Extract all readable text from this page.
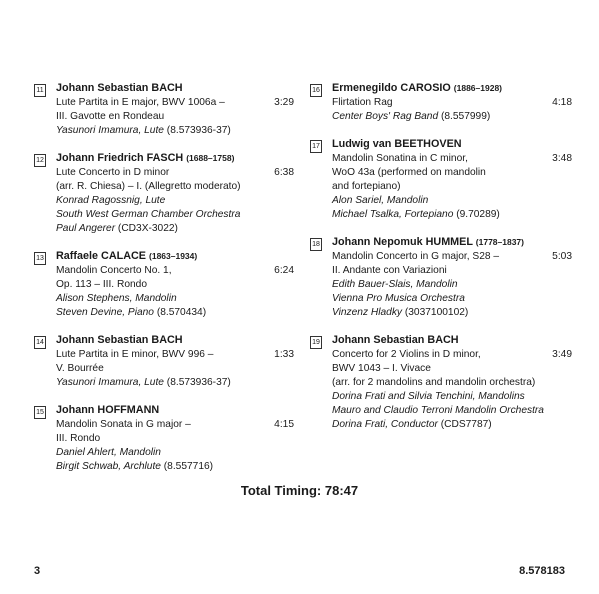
11 Johann Sebastian BACH
Lute Partita in E major, BWV 1006a –	3:29
III. Gavotte en Rondeau
Yasunori Imamura, Lute (8.573936-37)
12 Johann Friedrich FASCH (1688–1758)
Lute Concerto in D minor	6:38
(arr. R. Chiesa) – I. (Allegretto moderato)
Konrad Ragossnig, Lute
South West German Chamber Orchestra
Paul Angerer (CD3X-3022)
13 Raffaele CALACE (1863–1934)
Mandolin Concerto No. 1,	6:24
Op. 113 – III. Rondo
Alison Stephens, Mandolin
Steven Devine, Piano (8.570434)
14 Johann Sebastian BACH
Lute Partita in E minor, BWV 996 –	1:33
V. Bourrée
Yasunori Imamura, Lute (8.573936-37)
15 Johann HOFFMANN
Mandolin Sonata in G major –	4:15
III. Rondo
Daniel Ahlert, Mandolin
Birgit Schwab, Archlute (8.557716)
16 Ermenegildo CAROSIO (1886–1928)
Flirtation Rag	4:18
Center Boys' Rag Band (8.557999)
17 Ludwig van BEETHOVEN
Mandolin Sonatina in C minor,	3:48
WoO 43a (performed on mandolin
and fortepiano)
Alon Sariel, Mandolin
Michael Tsalka, Fortepiano (9.70289)
18 Johann Nepomuk HUMMEL (1778–1837)
Mandolin Concerto in G major, S28 –	5:03
II. Andante con Variazioni
Edith Bauer-Slais, Mandolin
Vienna Pro Musica Orchestra
Vinzenz Hladky (3037100102)
19 Johann Sebastian BACH
Concerto for 2 Violins in D minor,	3:49
BWV 1043 – I. Vivace
(arr. for 2 mandolins and mandolin orchestra)
Dorina Frati and Silvia Tenchini, Mandolins
Mauro and Claudio Terroni Mandolin Orchestra
Dorina Frati, Conductor (CDS7787)
Total Timing: 78:47
3	8.578183
